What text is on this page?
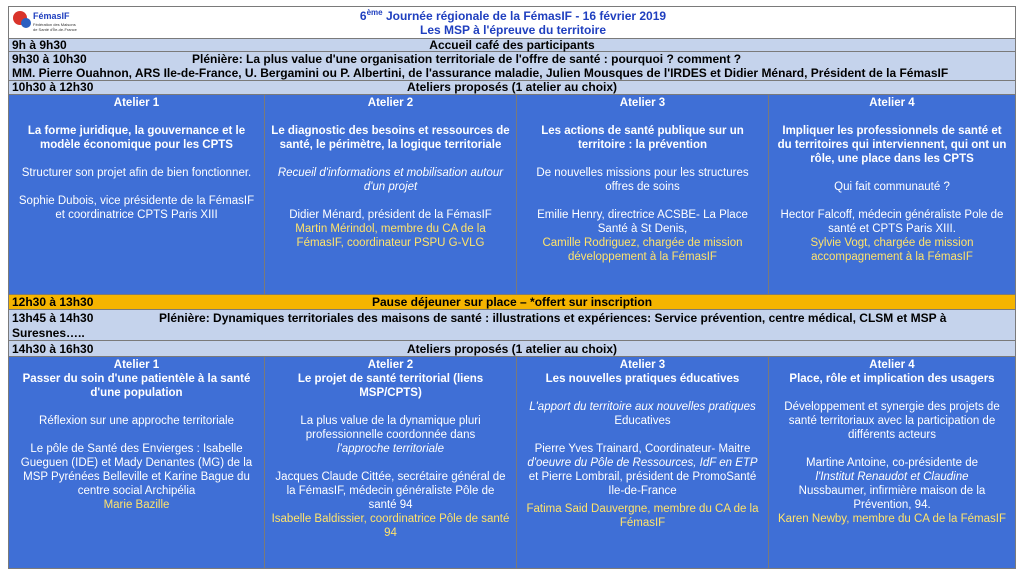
FémasIF
Fédération des Maisons de Santé d'Île-de-France
6ème Journée régionale de la FémasIF - 16 février 2019
Les MSP à l'épreuve du territoire
9h à 9h30	Accueil café des participants
9h30 à 10h30	Plénière: La plus value d'une organisation territoriale de l'offre de santé : pourquoi ? comment ?
MM. Pierre Ouahnon, ARS Ile-de-France, U. Bergamini ou P. Albertini, de l'assurance maladie, Julien Mousques de l'IRDES et Didier Ménard, Président de la FémasIF
10h30 à 12h30	Ateliers proposés (1 atelier au choix)
Atelier 1
La forme juridique, la gouvernance et le modèle économique pour les CPTS

Structurer son projet afin de bien fonctionner.

Sophie Dubois, vice présidente de la FémasIF et coordinatrice CPTS Paris XIII

Atelier 2
Le diagnostic des besoins et ressources de santé, le périmètre, la logique territoriale

Recueil d'informations et mobilisation autour d'un projet

Didier Ménard, président de la FémasIF

Martin Mérindol, membre du CA de la FémasIF, coordinateur PSPU G-VLG

Atelier 3
Les actions de santé publique sur un territoire : la prévention

De nouvelles missions pour les structures offres de soins

Emilie Henry, directrice ACSBE- La Place Santé à St Denis,

Camille Rodriguez, chargée de mission développement à la FémasIF

Atelier 4
Impliquer les professionnels de santé et du territoires qui interviennent, qui ont un rôle, une place dans les CPTS

Qui fait communauté ?

Hector Falcoff, médecin généraliste Pole de santé et CPTS Paris XIII.

Sylvie Vogt, chargée de mission accompagnement à la FémasIF

12h30 à 13h30	Pause déjeuner sur place – *offert sur inscription
13h45 à 14h30	Plénière: Dynamiques territoriales des maisons de santé : illustrations et expériences: Service prévention, centre médical, CLSM et MSP à
Suresnes…..
14h30 à 16h30	Ateliers proposés (1 atelier au choix)
Atelier 1
Passer du soin d'une patientèle à la santé d'une population

Réflexion sur une approche territoriale

Le pôle de Santé des Envierges : Isabelle Gueguen (IDE) et Mady Denantes (MG) de la MSP Pyrénées Belleville et Karine Bague du centre social Archipélia

Marie Bazille

Atelier 2
Le projet de santé territorial (liens MSP/CPTS)

La plus value de la dynamique pluri professionnelle coordonnée dans

l'approche territoriale

Jacques Claude Cittée, secrétaire général de la FémasIF, médecin généraliste Pôle de santé 94

Isabelle Baldissier, coordinatrice Pôle de santé 94

Atelier 3
Les nouvelles pratiques éducatives

L'apport du territoire aux nouvelles pratiques

Educatives

Pierre Yves Trainard, Coordinateur- Maitre

d'oeuvre du Pôle de Ressources, IdF en ETP

et Pierre Lombrail, président de PromoSanté Ile-de-France

Fatima Said Dauvergne, membre du CA de la FémasIF

Atelier 4
Place, rôle et implication des usagers

Développement et synergie des projets de santé territoriaux avec la participation de différents acteurs

Martine Antoine, co-présidente de

l'Institut Renaudot et Claudine

Nussbaumer, infirmière maison de la Prévention, 94.

Karen Newby, membre du CA de la FémasIF
